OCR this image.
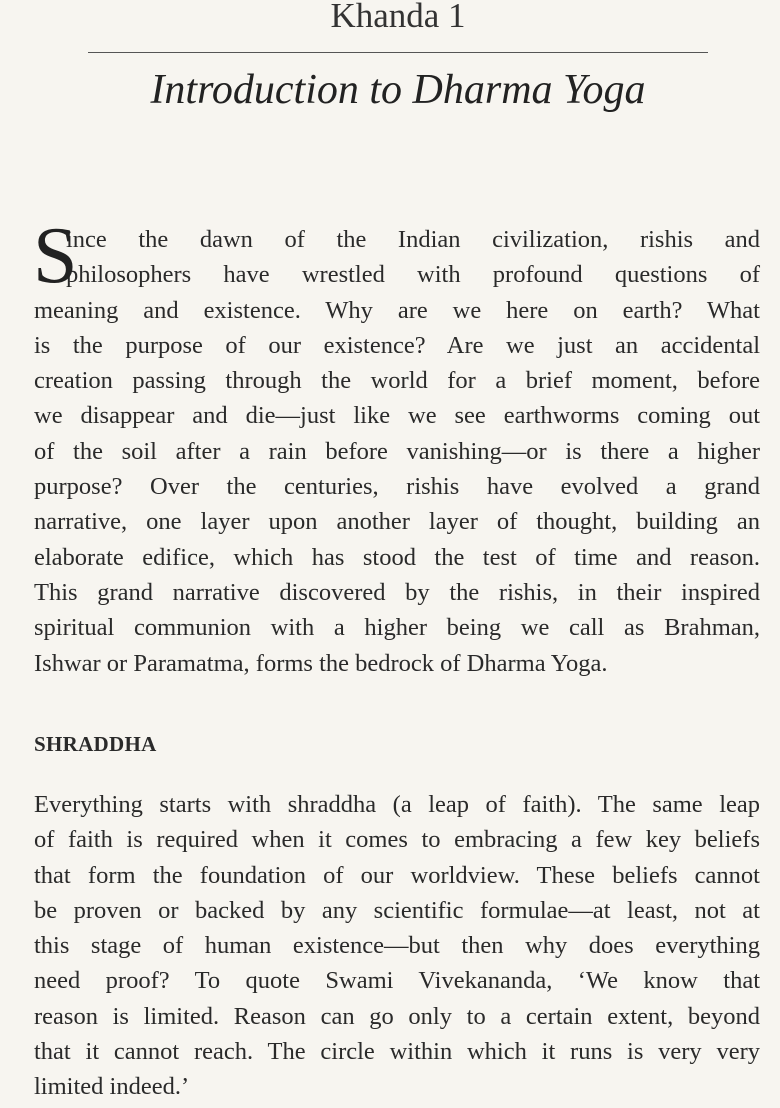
Khanda 1
Introduction to Dharma Yoga
S
ince the dawn of the Indian civilization, rishis and
philosophers have wrestled with profound questions of
meaning and existence. Why are we here on earth? What
is the purpose of our existence? Are we just an accidental
creation passing through the world for a brief moment, before
we disappear and die—just like we see earthworms coming out
of the soil after a rain before vanishing—or is there a higher
purpose? Over the centuries, rishis have evolved a grand
narrative, one layer upon another layer of thought, building an
elaborate edifice, which has stood the test of time and reason.
This grand narrative discovered by the rishis, in their inspired
spiritual communion with a higher being we call as Brahman,
Ishwar or Paramatma, forms the bedrock of Dharma Yoga.
SHRADDHA
Everything starts with shraddha (a leap of faith). The same leap
of faith is required when it comes to embracing a few key beliefs
that form the foundation of our worldview. These beliefs cannot
be proven or backed by any scientific formulae—at least, not at
this stage of human existence—but then why does everything
need proof? To quote Swami Vivekananda, ‘We know that
reason is limited. Reason can go only to a certain extent, beyond
that it cannot reach. The circle within which it runs is very very
limited indeed.’
